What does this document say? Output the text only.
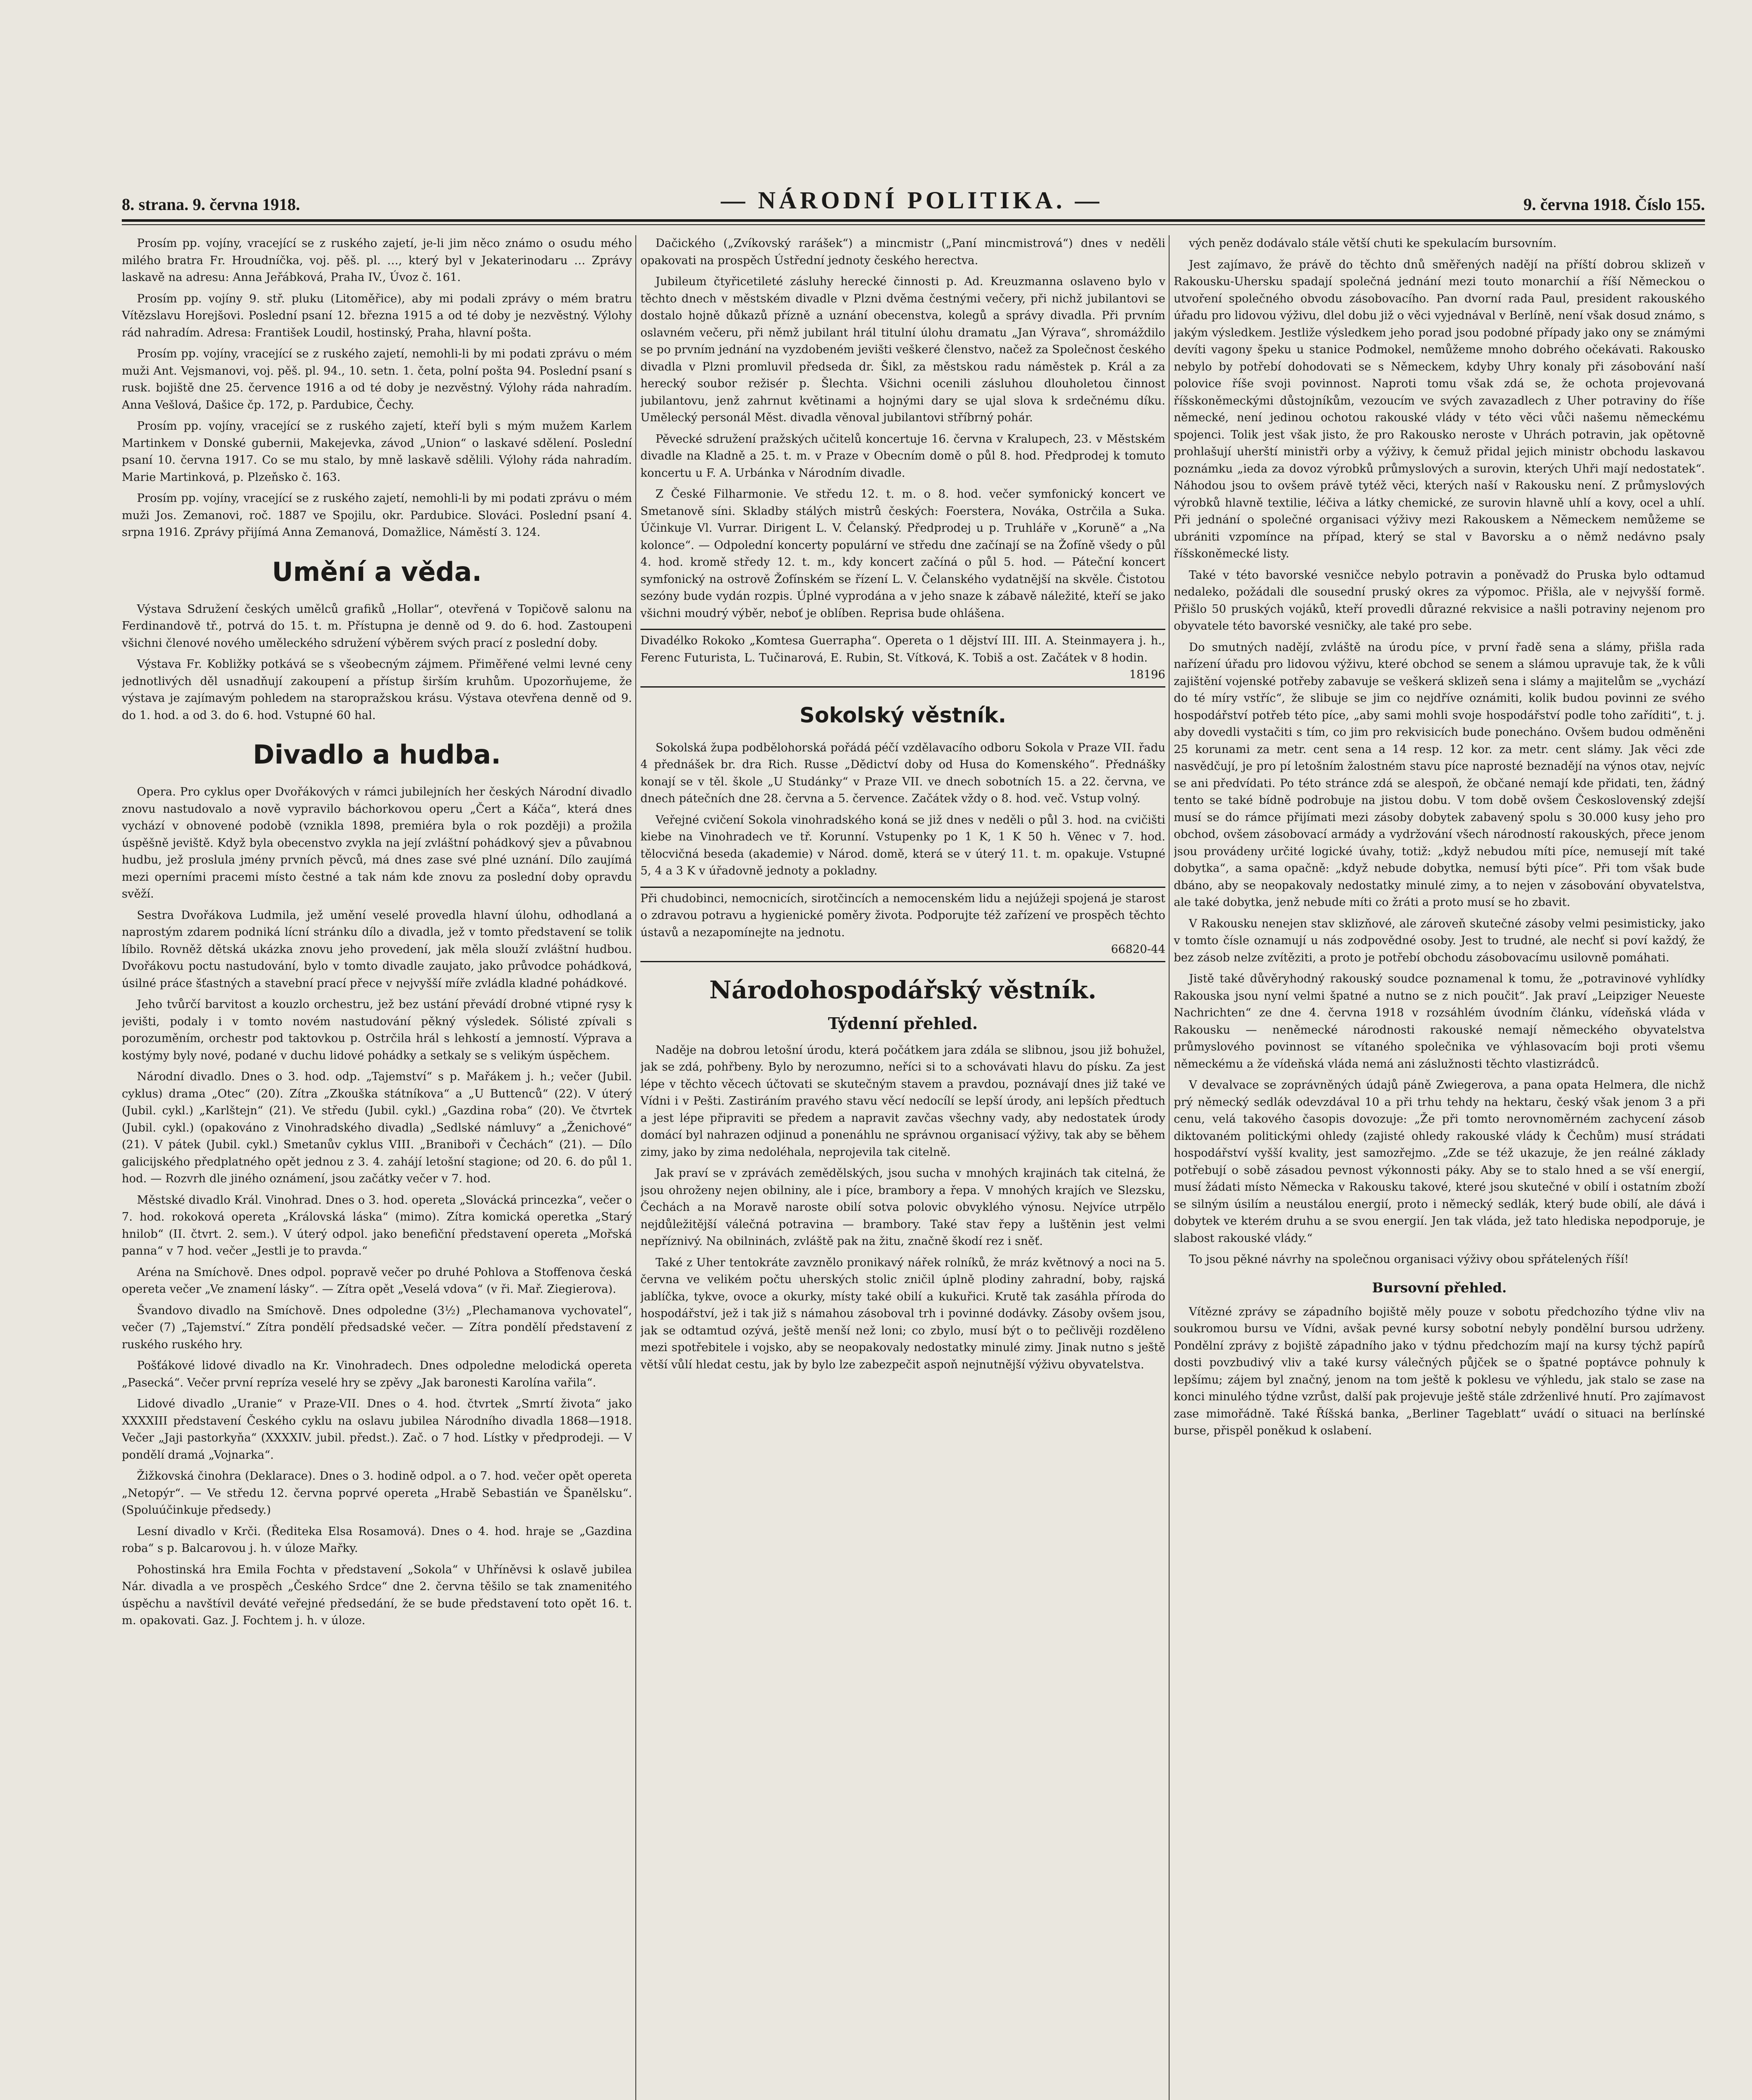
8. strana. 9. června 1918.	— NÁRODNÍ POLITIKA. —	9. června 1918. Číslo 155.

Prosím pp. vojíny, vracející se z ruského zajetí, je-li jim něco známo o osudu mého milého bratra Fr. Hroudníčka, voj. pěš. pl. …, který byl v Jekaterinodaru … Zprávy laskavě na adresu: Anna Jeřábková, Praha IV., Úvoz č. 161.

Prosím pp. vojíny 9. stř. pluku (Litoměřice), aby mi podali zprávy o mém bratru Vítězslavu Horejšovi. Poslední psaní 12. března 1915 a od té doby je nezvěstný. Výlohy rád nahradím. Adresa: František Loudil, hostinský, Praha, hlavní pošta.

Prosím pp. vojíny, vracející se z ruského zajetí, nemohli-li by mi podati zprávu o mém muži Ant. Vejsmanovi, voj. pěš. pl. 94., 10. setn. 1. četa, polní pošta 94. Poslední psaní s rusk. bojiště dne 25. července 1916 a od té doby je nezvěstný. Výlohy ráda nahradím. Anna Vešlová, Dašice čp. 172, p. Pardubice, Čechy.

Prosím pp. vojíny, vracející se z ruského zajetí, kteří byli s mým mužem Karlem Martinkem v Donské gubernii, Makejevka, závod „Union“ o laskavé sdělení. Poslední psaní 10. června 1917. Co se mu stalo, by mně laskavě sdělili. Výlohy ráda nahradím. Marie Martinková, p. Plzeňsko č. 163.

Prosím pp. vojíny, vracející se z ruského zajetí, nemohli-li by mi podati zprávu o mém muži Jos. Zemanovi, roč. 1887 ve Spojilu, okr. Pardubice. Slováci. Poslední psaní 4. srpna 1916. Zprávy přijímá Anna Zemanová, Domažlice, Náměstí 3. 124.

Umění a věda.

Výstava Sdružení českých umělců grafiků „Hollar“, otevřená v Topičově salonu na Ferdinandově tř., potrvá do 15. t. m. Přístupna je denně od 9. do 6. hod. Zastoupeni všichni členové nového uměleckého sdružení výběrem svých prací z poslední doby.

Výstava Fr. Kobližky potkává se s všeobecným zájmem. Přiměřené velmi levné ceny jednotlivých děl usnadňují zakoupení a přístup širším kruhům. Upozorňujeme, že výstava je zajímavým pohledem na staropražskou krásu. Výstava otevřena denně od 9. do 1. hod. a od 3. do 6. hod. Vstupné 60 hal.

Divadlo a hudba.

Opera. Pro cyklus oper Dvořákových v rámci jubilejních her českých Národní divadlo znovu nastudovalo a nově vypravilo báchorkovou operu „Čert a Káča“, která dnes vychází v obnovené podobě (vznikla 1898, premiéra byla o rok později) a prožila úspěšně jeviště. Když byla obecenstvo zvykla na její zvláštní pohádkový sjev a půvabnou hudbu, jež proslula jmény prvních pěvců, má dnes zase své plné uznání. Dílo zaujímá mezi operními pracemi místo čestné a tak nám kde znovu za poslední doby opravdu svěží.

Sestra Dvořákova Ludmila, jež umění veselé provedla hlavní úlohu, odhodlaná a naprostým zdarem podniká lícní stránku dílo a divadla, jež v tomto představení se tolik líbilo. Rovněž dětská ukázka znovu jeho provedení, jak měla slouží zvláštní hudbou. Dvořákovu poctu nastudování, bylo v tomto divadle zaujato, jako průvodce pohádková, úsilné práce šťastných a stavební prací přece v nejvyšší míře zvládla kladné pohádkové.

Jeho tvůrčí barvitost a kouzlo orchestru, jež bez ustání převádí drobné vtipné rysy k jevišti, podaly i v tomto novém nastudování pěkný výsledek. Sólisté zpívali s porozuměním, orchestr pod taktovkou p. Ostrčila hrál s lehkostí a jemností. Výprava a kostýmy byly nové, podané v duchu lidové pohádky a setkaly se s velikým úspěchem.

Národní divadlo. Dnes o 3. hod. odp. „Tajemství“ s p. Mařákem j. h.; večer (Jubil. cyklus) drama „Otec“ (20). Zítra „Zkouška státníkova“ a „U Buttenců“ (22). V úterý (Jubil. cykl.) „Karlštejn“ (21). Ve středu (Jubil. cykl.) „Gazdina roba“ (20). Ve čtvrtek (Jubil. cykl.) (opakováno z Vinohradského divadla) „Sedlské námluvy“ a „Ženichové“ (21). V pátek (Jubil. cykl.) Smetanův cyklus VIII. „Braniboři v Čechách“ (21). — Dílo galicijského předplatného opět jednou z 3. 4. zahájí letošní stagione; od 20. 6. do půl 1. hod. — Rozvrh dle jiného oznámení, jsou začátky večer v 7. hod.

Městské divadlo Král. Vinohrad. Dnes o 3. hod. opereta „Slovácká princezka“, večer o 7. hod. rokoková opereta „Královská láska“ (mimo). Zítra komická operetka „Starý hnilob“ (II. čtvrt. 2. sem.). V úterý odpol. jako benefiční představení opereta „Mořská panna“ v 7 hod. večer „Jestli je to pravda.“

Aréna na Smíchově. Dnes odpol. popravě večer po druhé Pohlova a Stoffenova česká opereta večer „Ve znamení lásky“. — Zítra opět „Veselá vdova“ (v ři. Mař. Ziegierova).

Švandovo divadlo na Smíchově. Dnes odpoledne (3½) „Plechamanova vychovatel“, večer (7) „Tajemství.“ Zítra pondělí předsadské večer. — Zítra pondělí představení z ruského ruského hry.

Pošťákové lidové divadlo na Kr. Vinohradech. Dnes odpoledne melodická opereta „Pasecká“. Večer první repríza veselé hry se zpěvy „Jak baronesti Karolína vařila“.

Lidové divadlo „Uranie“ v Praze-VII. Dnes o 4. hod. čtvrtek „Smrtí života“ jako XXXXIII představení Českého cyklu na oslavu jubilea Národního divadla 1868—1918. Večer „Jaji pastorkyňa“ (XXXXIV. jubil. předst.). Zač. o 7 hod. Lístky v předprodeji. — V pondělí dramá „Vojnarka“.

Žižkovská činohra (Deklarace). Dnes o 3. hodině odpol. a o 7. hod. večer opět opereta „Netopýr“. — Ve středu 12. června poprvé opereta „Hrabě Sebastián ve Španělsku“. (Spoluúčinkuje předsedy.)

Lesní divadlo v Krči. (Řediteka Elsa Rosamová). Dnes o 4. hod. hraje se „Gazdina roba“ s p. Balcarovou j. h. v úloze Mařky.

Pohostinská hra Emila Fochta v představení „Sokola“ v Uhříněvsi k oslavě jubilea Nár. divadla a ve prospěch „Českého Srdce“ dne 2. června těšilo se tak znamenitého úspěchu a navštívil deváté veřejné předsedání, že se bude představení toto opět 16. t. m. opakovati. Gaz. J. Fochtem j. h. v úloze.

Dačického („Zvíkovský rarášek“) a mincmistr („Paní mincmistrová“) dnes v neděli opakovati na prospěch Ústřední jednoty českého herectva.

Jubileum čtyřicetileté zásluhy herecké činnosti p. Ad. Kreuzmanna oslaveno bylo v těchto dnech v městském divadle v Plzni dvěma čestnými večery, při nichž jubilantovi se dostalo hojně důkazů přízně a uznání obecenstva, kolegů a správy divadla. Při prvním oslavném večeru, při němž jubilant hrál titulní úlohu dramatu „Jan Výrava“, shromáždilo se po prvním jednání na vyzdobeném jevišti veškeré členstvo, načež za Společnost českého divadla v Plzni promluvil předseda dr. Šikl, za městskou radu náměstek p. Král a za herecký soubor režisér p. Šlechta. Všichni ocenili zásluhou dlouholetou činnost jubilantovu, jenž zahrnut květinami a hojnými dary se ujal slova k srdečnému díku. Umělecký personál Měst. divadla věnoval jubilantovi stříbrný pohár.

Pěvecké sdružení pražských učitelů koncertuje 16. června v Kralupech, 23. v Městském divadle na Kladně a 25. t. m. v Praze v Obecním domě o půl 8. hod. Předprodej k tomuto koncertu u F. A. Urbánka v Národním divadle.

Z České Filharmonie. Ve středu 12. t. m. o 8. hod. večer symfonický koncert ve Smetanově síni. Skladby stálých mistrů českých: Foerstera, Nováka, Ostrčila a Suka. Účinkuje Vl. Vurrar. Dirigent L. V. Čelanský. Předprodej u p. Truhláře v „Koruně“ a „Na kolonce“. — Odpolední koncerty populární ve středu dne začínají se na Žofíně všedy o půl 4. hod. kromě středy 12. t. m., kdy koncert začíná o půl 5. hod. — Páteční koncert symfonický na ostrově Žofínském se řízení L. V. Čelanského vydatnější na skvěle. Čistotou sezóny bude vydán rozpis. Úplné vyprodána a v jeho snaze k zábavě náležité, kteří se jako všichni moudrý výběr, neboť je oblíben. Reprisa bude ohlášena.

Divadélko Rokoko „Komtesa Guerrapha“. Opereta o 1 dějství III. III. A. Steinmayera j. h., Ferenc Futurista, L. Tučinarová, E. Rubin, St. Vítková, K. Tobiš a ost. Začátek v 8 hodin.
18196
Sokolský věstník.

Sokolská župa podbělohorská pořádá péčí vzdělavacího odboru Sokola v Praze VII. řadu 4 přednášek br. dra Rich. Russe „Dědictví doby od Husa do Komenského“. Přednášky konají se v těl. škole „U Studánky“ v Praze VII. ve dnech sobotních 15. a 22. června, ve dnech pátečních dne 28. června a 5. července. Začátek vždy o 8. hod. več. Vstup volný.

Veřejné cvičení Sokola vinohradského koná se již dnes v neděli o půl 3. hod. na cvičišti kiebe na Vinohradech ve tř. Korunní. Vstupenky po 1 K, 1 K 50 h. Věnec v 7. hod. tělocvičná beseda (akademie) v Národ. domě, která se v úterý 11. t. m. opakuje. Vstupné 5, 4 a 3 K v úřadovně jednoty a pokladny.

Při chudobinci, nemocnicích, sirotčincích a nemocenském lidu a nejúžeji spojená je starost o zdravou potravu a hygienické poměry života. Podporujte též zařízení ve prospěch těchto ústavů a nezapomínejte na jednotu.
66820-44
Národohospodářský věstník.
Týdenní přehled.

Naděje na dobrou letošní úrodu, která počátkem jara zdála se slibnou, jsou již bohužel, jak se zdá, pohřbeny. Bylo by nerozumno, neříci si to a schovávati hlavu do písku. Za jest lépe v těchto věcech účtovati se skutečným stavem a pravdou, poznávají dnes již také ve Vídni i v Pešti. Zastiráním pravého stavu věcí nedocílí se lepší úrody, ani lepších předtuch a jest lépe připraviti se předem a napravit zavčas všechny vady, aby nedostatek úrody domácí byl nahrazen odjinud a ponenáhlu ne správnou organisací výživy, tak aby se během zimy, jako by zima nedoléhala, neprojevila tak citelně.

Jak praví se v zprávách zemědělských, jsou sucha v mnohých krajinách tak citelná, že jsou ohroženy nejen obilniny, ale i píce, brambory a řepa. V mnohých krajích ve Slezsku, Čechách a na Moravě naroste obilí sotva polovic obvyklého výnosu. Nejvíce utrpělo nejdůležitější válečná potravina — brambory. Také stav řepy a luštěnin jest velmi nepříznivý. Na obilninách, zvláště pak na žitu, značně škodí rez i sněť.

Také z Uher tentokráte zavznělo pronikavý nářek rolníků, že mráz květnový a noci na 5. června ve velikém počtu uherských stolic zničil úplně plodiny zahradní, boby, rajská jablíčka, tykve, ovoce a okurky, místy také obilí a kukuřici. Krutě tak zasáhla příroda do hospodářství, jež i tak již s námahou zásoboval trh i povinné dodávky. Zásoby ovšem jsou, jak se odtamtud ozývá, ještě menší než loni; co zbylo, musí být o to pečlivěji rozděleno mezi spotřebitele i vojsko, aby se neopakovaly nedostatky minulé zimy. Jinak nutno s ještě větší vůlí hledat cestu, jak by bylo lze zabezpečit aspoň nejnutnější výživu obyvatelstva.

vých peněz dodávalo stále větší chuti ke spekulacím bursovním.

Jest zajímavo, že právě do těchto dnů směřených nadějí na příští dobrou sklizeň v Rakousku-Uhersku spadají společná jednání mezi touto monarchií a říší Německou o utvoření společného obvodu zásobovacího. Pan dvorní rada Paul, president rakouského úřadu pro lidovou výživu, dlel dobu již o věci vyjednával v Berlíně, není však dosud známo, s jakým výsledkem. Jestliže výsledkem jeho porad jsou podobné případy jako ony se známými devíti vagony špeku u stanice Podmokel, nemůžeme mnoho dobrého očekávati. Rakousko nebylo by potřebí dohodovati se s Německem, kdyby Uhry konaly při zásobování naší polovice říše svoji povinnost. Naproti tomu však zdá se, že ochota projevovaná říšskoněmeckými důstojníkům, vezoucím ve svých zavazadlech z Uher potraviny do říše německé, není jedinou ochotou rakouské vlády v této věci vůči našemu německému spojenci. Tolik jest však jisto, že pro Rakousko neroste v Uhrách potravin, jak opětovně prohlašují uherští ministři orby a výživy, k čemuž přidal jejich ministr obchodu laskavou poznámku „ieda za dovoz výrobků průmyslových a surovin, kterých Uhři mají nedostatek“. Náhodou jsou to ovšem právě tytéž věci, kterých naší v Rakousku není. Z průmyslových výrobků hlavně textilie, léčiva a látky chemické, ze surovin hlavně uhlí a kovy, ocel a uhlí. Při jednání o společné organisaci výživy mezi Rakouskem a Německem nemůžeme se ubrániti vzpomínce na případ, který se stal v Bavorsku a o němž nedávno psaly říšskoněmecké listy.

Také v této bavorské vesničce nebylo potravin a poněvadž do Pruska bylo odtamud nedaleko, požádali dle sousední pruský okres za výpomoc. Přišla, ale v nejvyšší formě. Přišlo 50 pruských vojáků, kteří provedli důrazné rekvisice a našli potraviny nejenom pro obyvatele této bavorské vesničky, ale také pro sebe.

Do smutných nadějí, zvláště na úrodu píce, v první řadě sena a slámy, přišla rada nařízení úřadu pro lidovou výživu, které obchod se senem a slámou upravuje tak, že k vůli zajištění vojenské potřeby zabavuje se veškerá sklizeň sena i slámy a majitelům se „vychází do té míry vstříc“, že slibuje se jim co nejdříve oznámiti, kolik budou povinni ze svého hospodářství potřeb této píce, „aby sami mohli svoje hospodářství podle toho zaříditi“, t. j. aby dovedli vystačiti s tím, co jim pro rekvisicích bude ponecháno. Ovšem budou odměněni 25 korunami za metr. cent sena a 14 resp. 12 kor. za metr. cent slámy. Jak věci zde nasvědčují, je pro pí letošním žalostném stavu píce naprosté beznadějí na výnos otav, nejvíc se ani předvídati. Po této stránce zdá se alespoň, že občané nemají kde přidati, ten, žádný tento se také bídně podrobuje na jistou dobu. V tom době ovšem Československý zdejší musí se do rámce přijímati mezi zásoby dobytek zabavený spolu s 30.000 kusy jeho pro obchod, ovšem zásobovací armády a vydržování všech národností rakouských, přece jenom jsou provádeny určité logické úvahy, totiž: „když nebudou míti píce, nemusejí mít také dobytka“, a sama opačně: „když nebude dobytka, nemusí býti píce“. Při tom však bude dbáno, aby se neopakovaly nedostatky minulé zimy, a to nejen v zásobování obyvatelstva, ale také dobytka, jenž nebude míti co žráti a proto musí se ho zbavit.

V Rakousku nenejen stav sklizňové, ale zároveň skutečné zásoby velmi pesimisticky, jako v tomto čísle oznamují u nás zodpovědné osoby. Jest to trudné, ale nechť si poví každý, že bez zásob nelze zvítěziti, a proto je potřebí obchodu zásobovacímu usilovně pomáhati.

Jistě také důvěryhodný rakouský soudce poznamenal k tomu, že „potravinové vyhlídky Rakouska jsou nyní velmi špatné a nutno se z nich poučit“. Jak praví „Leipziger Neueste Nachrichten“ ze dne 4. června 1918 v rozsáhlém úvodním článku, vídeňská vláda v Rakousku — neněmecké národnosti rakouské nemají německého obyvatelstva průmyslového povinnost se vítaného společnika ve výhlasovacím boji proti všemu německému a že vídeňská vláda nemá ani záslužnosti těchto vlastizrádců.

V devalvace se zoprávněných údajů páně Zwiegerova, a pana opata Helmera, dle nichž prý německý sedlák odevzdával 10 a při trhu tehdy na hektaru, český však jenom 3 a při cenu, velá takového časopis dovozuje: „Že při tomto nerovnoměrném zachycení zásob diktovaném politickými ohledy (zajisté ohledy rakouské vlády k Čechům) musí strádati hospodářství vyšší kvality, jest samozřejmo. „Zde se též ukazuje, že jen reálné základy potřebují o sobě zásadou pevnost výkonnosti páky. Aby se to stalo hned a se vší energií, musí žádati místo Německa v Rakousku takové, které jsou skutečné v obilí i ostatním zboží se silným úsilím a neustálou energií, proto i německý sedlák, který bude obilí, ale dává i dobytek ve kterém druhu a se svou energií. Jen tak vláda, jež tato hlediska nepodporuje, je slabost rakouské vlády.“

To jsou pěkné návrhy na společnou organisaci výživy obou spřátelených říší!

Bursovní přehled.

Vítězné zprávy se západního bojiště měly pouze v sobotu předchozího týdne vliv na soukromou bursu ve Vídni, avšak pevné kursy sobotní nebyly pondělní bursou udrženy. Pondělní zprávy z bojiště západního jako v týdnu předchozím mají na kursy týchž papírů dosti povzbudivý vliv a také kursy válečných půjček se o špatné poptávce pohnuly k lepšímu; zájem byl značný, jenom na tom ještě k poklesu ve výhledu, jak stalo se zase na konci minulého týdne vzrůst, další pak projevuje ještě stále zdrženlivé hnutí. Pro zajímavost zase mimořádně. Také Říšská banka, „Berliner Tageblatt“ uvádí o situaci na berlínské burse, přispěl poněkud k oslabení.
